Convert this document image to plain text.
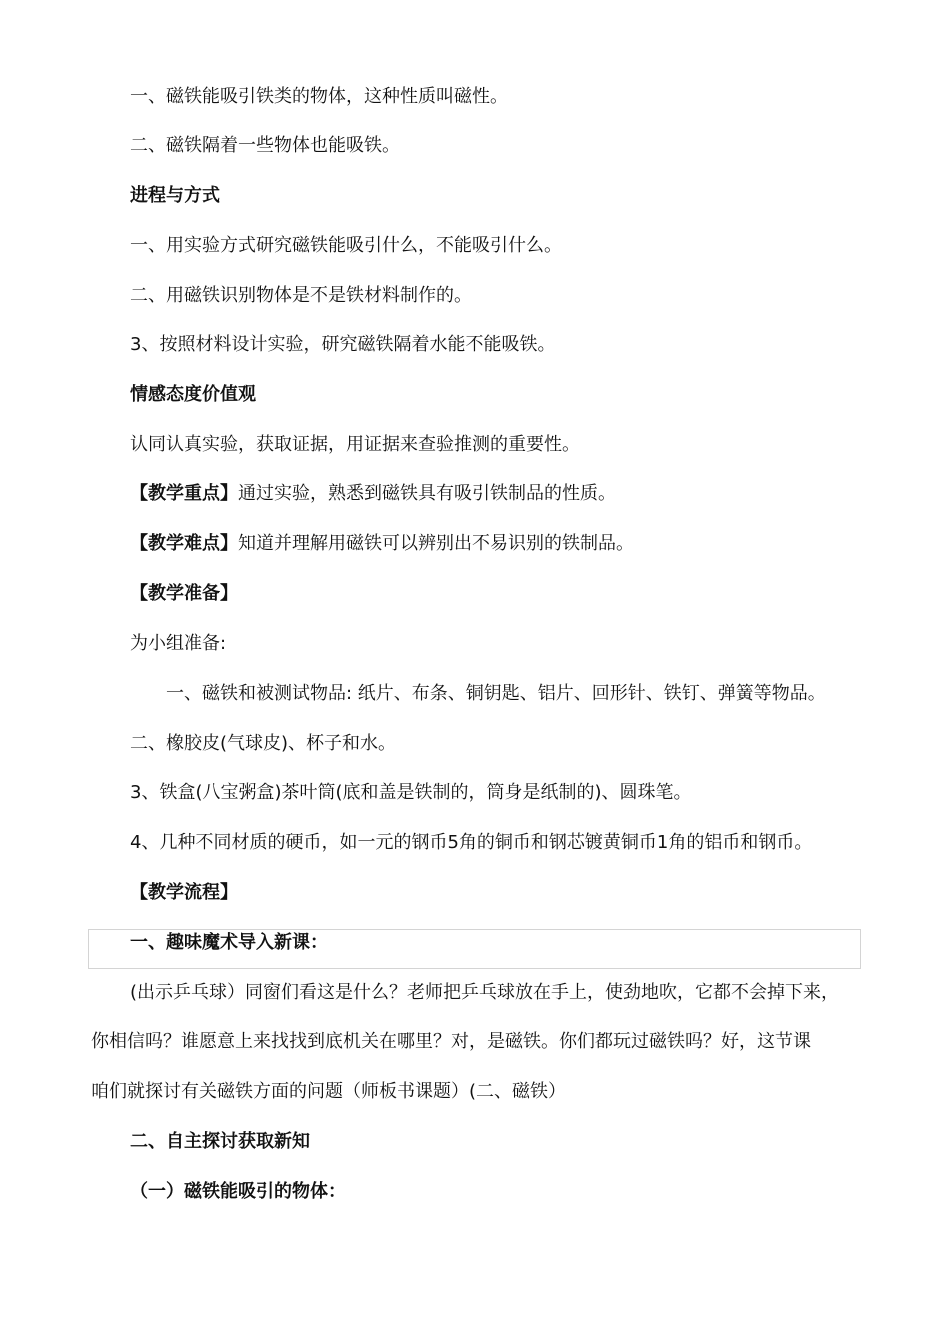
一、磁铁能吸引铁类的物体，这种性质叫磁性。
二、磁铁隔着一些物体也能吸铁。
进程与方式
一、用实验方式研究磁铁能吸引什么，不能吸引什么。
二、用磁铁识别物体是不是铁材料制作的。
3、按照材料设计实验，研究磁铁隔着水能不能吸铁。
情感态度价值观
认同认真实验，获取证据，用证据来查验推测的重要性。
【教学重点】通过实验，熟悉到磁铁具有吸引铁制品的性质。
【教学难点】知道并理解用磁铁可以辨别出不易识别的铁制品。
【教学准备】
为小组准备:
一、磁铁和被测试物品: 纸片、布条、铜钥匙、铝片、回形针、铁钉、弹簧等物品。
二、橡胶皮(气球皮)、杯子和水。
3、铁盒(八宝粥盒)茶叶筒(底和盖是铁制的，筒身是纸制的)、圆珠笔。
4、几种不同材质的硬币，如一元的钢币5角的铜币和钢芯镀黄铜币1角的铝币和钢币。
【教学流程】
一、趣味魔术导入新课：
(出示乒乓球）同窗们看这是什么？老师把乒乓球放在手上，使劲地吹，它都不会掉下来，
你相信吗？谁愿意上来找找到底机关在哪里？对，是磁铁。你们都玩过磁铁吗？好，这节课
咱们就探讨有关磁铁方面的问题（师板书课题）(二、磁铁）
二、自主探讨获取新知
（一）磁铁能吸引的物体：
